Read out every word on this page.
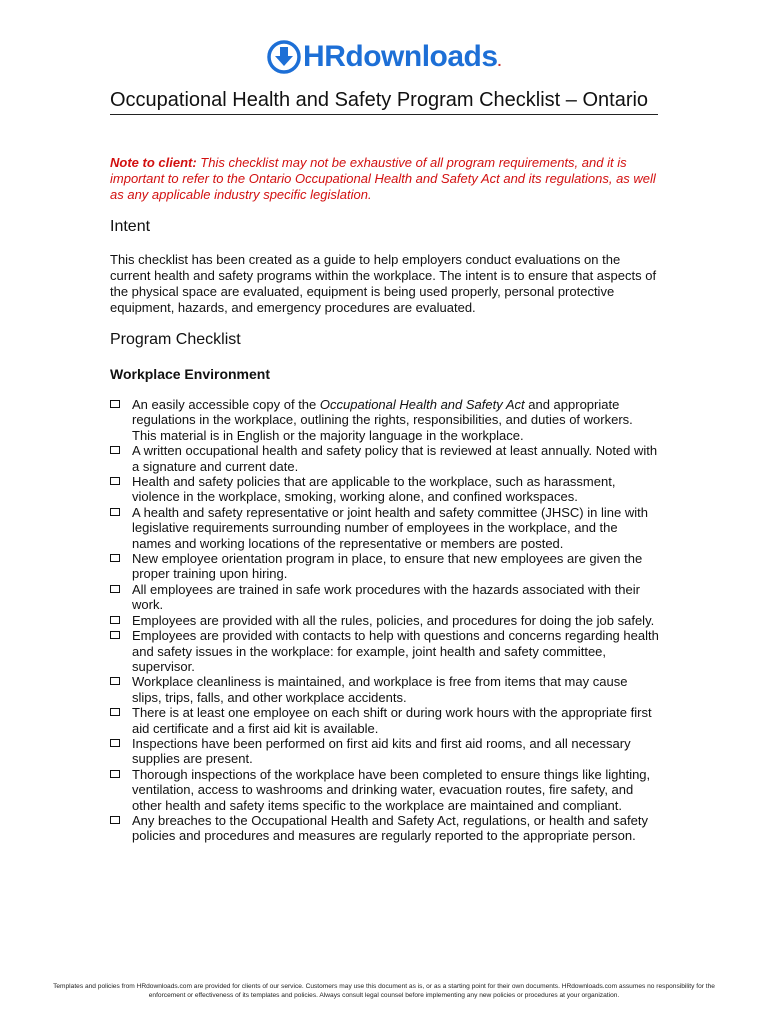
HRdownloads.
Occupational Health and Safety Program Checklist – Ontario
Note to client: This checklist may not be exhaustive of all program requirements, and it is important to refer to the Ontario Occupational Health and Safety Act and its regulations, as well as any applicable industry specific legislation.
Intent
This checklist has been created as a guide to help employers conduct evaluations on the current health and safety programs within the workplace. The intent is to ensure that aspects of the physical space are evaluated, equipment is being used properly, personal protective equipment, hazards, and emergency procedures are evaluated.
Program Checklist
Workplace Environment
An easily accessible copy of the Occupational Health and Safety Act and appropriate regulations in the workplace, outlining the rights, responsibilities, and duties of workers. This material is in English or the majority language in the workplace.
A written occupational health and safety policy that is reviewed at least annually. Noted with a signature and current date.
Health and safety policies that are applicable to the workplace, such as harassment, violence in the workplace, smoking, working alone, and confined workspaces.
A health and safety representative or joint health and safety committee (JHSC) in line with legislative requirements surrounding number of employees in the workplace, and the names and working locations of the representative or members are posted.
New employee orientation program in place, to ensure that new employees are given the proper training upon hiring.
All employees are trained in safe work procedures with the hazards associated with their work.
Employees are provided with all the rules, policies, and procedures for doing the job safely.
Employees are provided with contacts to help with questions and concerns regarding health and safety issues in the workplace: for example, joint health and safety committee, supervisor.
Workplace cleanliness is maintained, and workplace is free from items that may cause slips, trips, falls, and other workplace accidents.
There is at least one employee on each shift or during work hours with the appropriate first aid certificate and a first aid kit is available.
Inspections have been performed on first aid kits and first aid rooms, and all necessary supplies are present.
Thorough inspections of the workplace have been completed to ensure things like lighting, ventilation, access to washrooms and drinking water, evacuation routes, fire safety, and other health and safety items specific to the workplace are maintained and compliant.
Any breaches to the Occupational Health and Safety Act, regulations, or health and safety policies and procedures and measures are regularly reported to the appropriate person.
Templates and policies from HRdownloads.com are provided for clients of our service. Customers may use this document as is, or as a starting point for their own documents. HRdownloads.com assumes no responsibility for the enforcement or effectiveness of its templates and policies. Always consult legal counsel before implementing any new policies or procedures at your organization.
